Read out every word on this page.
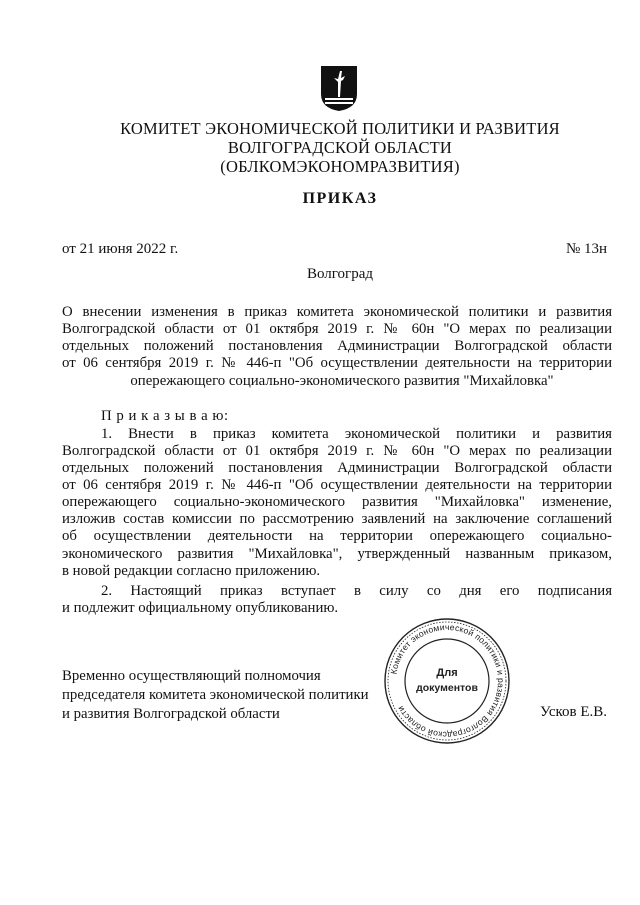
КОМИТЕТ ЭКОНОМИЧЕСКОЙ ПОЛИТИКИ И РАЗВИТИЯ
ВОЛГОГРАДСКОЙ ОБЛАСТИ
(ОБЛКОМЭКОНОМРАЗВИТИЯ)
ПРИКАЗ
от 21 июня 2022 г.	№ 13н
Волгоград
О внесении изменения в приказ комитета экономической политики и развития
Волгоградской области от 01 октября 2019 г. № 60н "О мерах по реализации
отдельных положений постановления Администрации Волгоградской области
от 06 сентября 2019 г. № 446-п "Об осуществлении деятельности на территории
опережающего социально-экономического развития "Михайловка"
П р и к а з ы в а ю:
1. Внести в приказ комитета экономической политики и развития
Волгоградской области от 01 октября 2019 г. № 60н "О мерах по реализации
отдельных положений постановления Администрации Волгоградской области
от 06 сентября 2019 г. № 446-п "Об осуществлении деятельности на территории
опережающего социально-экономического развития "Михайловка" изменение,
изложив состав комиссии по рассмотрению заявлений на заключение соглашений
об осуществлении деятельности на территории опережающего социально-
экономического развития "Михайловка", утвержденный названным приказом,
в новой редакции согласно приложению.
2. Настоящий приказ вступает в силу со дня его подписания
и подлежит официальному опубликованию.
Временно осуществляющий полномочия
председателя комитета экономической политики
и развития Волгоградской области	Усков Е.В.
Комитет экономической политики и развития Волгоградской области
Для
документов
